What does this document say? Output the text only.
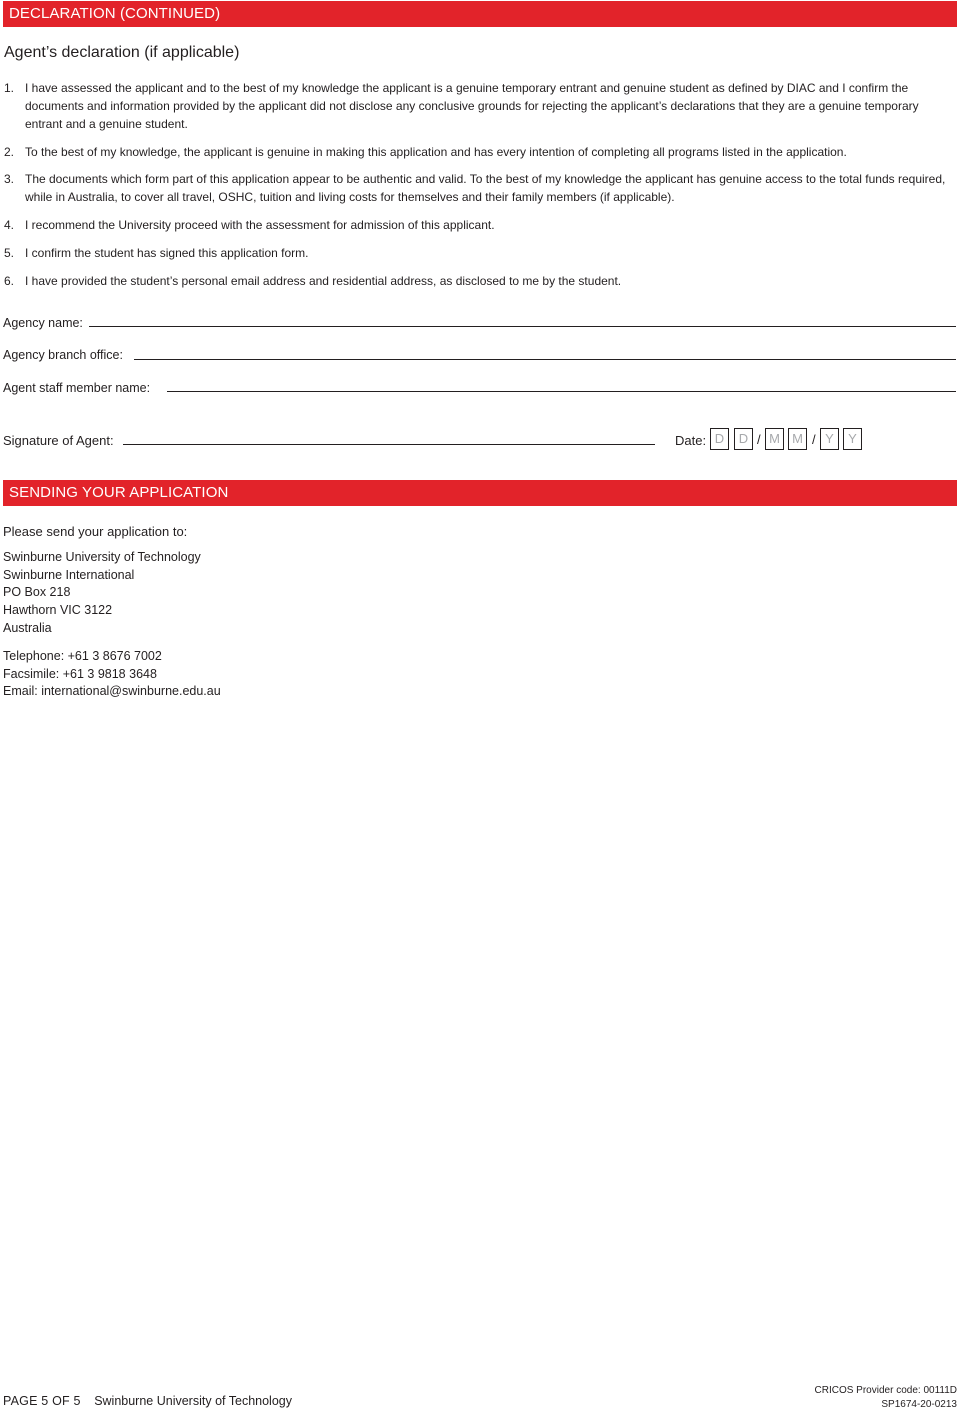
DECLARATION (CONTINUED)
Agent’s declaration (if applicable)
1. I have assessed the applicant and to the best of my knowledge the applicant is a genuine temporary entrant and genuine student as defined by DIAC and I confirm the documents and information provided by the applicant did not disclose any conclusive grounds for rejecting the applicant’s declarations that they are a genuine temporary entrant and a genuine student.
2. To the best of my knowledge, the applicant is genuine in making this application and has every intention of completing all programs listed in the application.
3. The documents which form part of this application appear to be authentic and valid. To the best of my knowledge the applicant has genuine access to the total funds required, while in Australia, to cover all travel, OSHC, tuition and living costs for themselves and their family members (if applicable).
4. I recommend the University proceed with the assessment for admission of this applicant.
5. I confirm the student has signed this application form.
6. I have provided the student’s personal email address and residential address, as disclosed to me by the student.
Agency name:
Agency branch office:
Agent staff member name:
Signature of Agent:	Date: D	D / M M / Y	Y
SENDING YOUR APPLICATION
Please send your application to:
Swinburne University of Technology
Swinburne International
PO Box 218
Hawthorn VIC 3122
Australia
Telephone: +61 3 8676 7002
Facsimile: +61 3 9818 3648
Email: international@swinburne.edu.au
PAGE 5 OF 5 Swinburne University of Technology
CRICOS Provider code: 00111D
SP1674-20-0213
